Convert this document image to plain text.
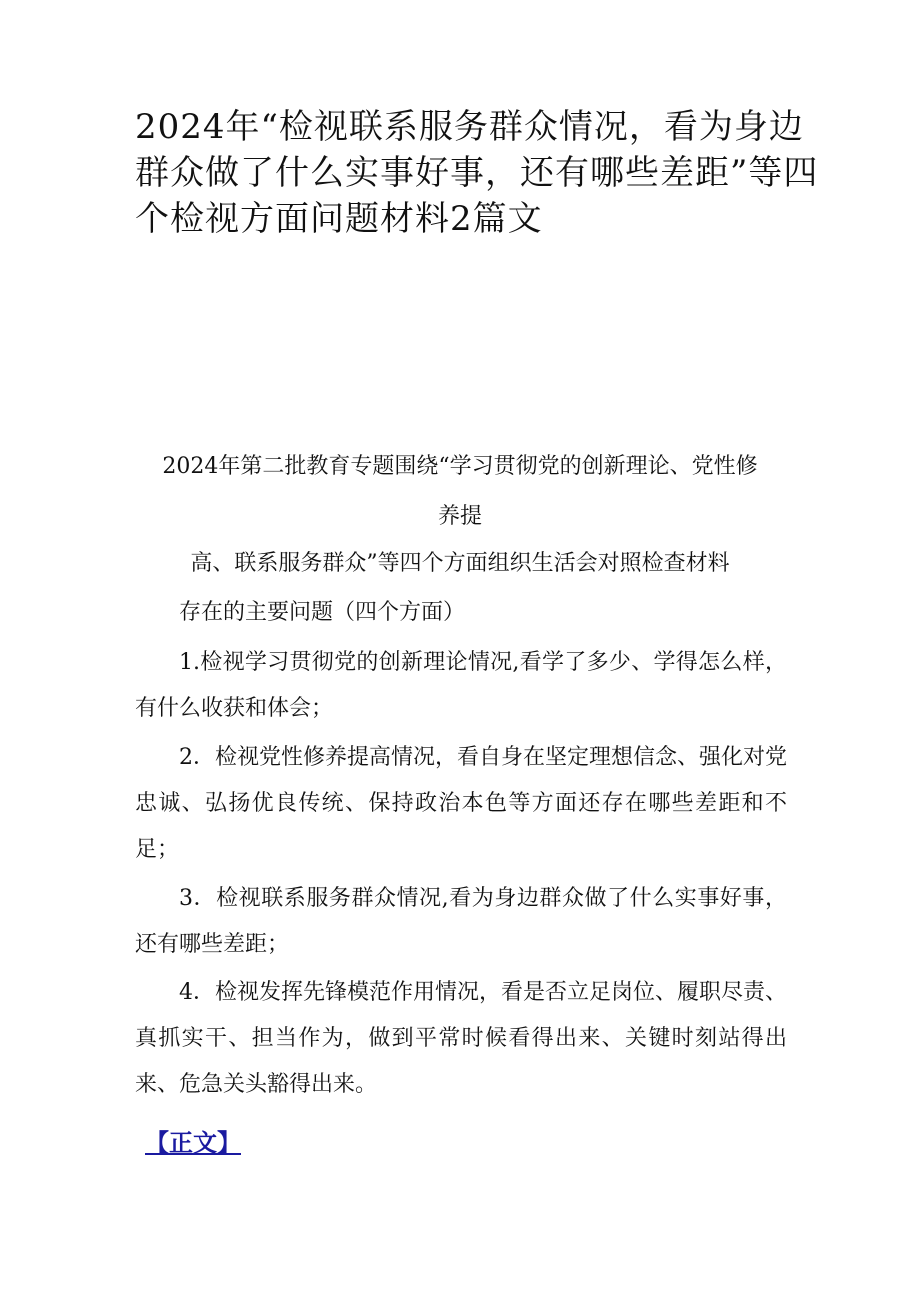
2024年“检视联系服务群众情况，看为身边群众做了什么实事好事，还有哪些差距”等四个检视方面问题材料2篇文

2024年第二批教育专题围绕“学习贯彻党的创新理论、党性修

养提

高、联系服务群众”等四个方面组织生活会对照检查材料

存在的主要问题（四个方面）

1.检视学习贯彻党的创新理论情况,看学了多少、学得怎么样，有什么收获和体会；

2．检视党性修养提高情况，看自身在坚定理想信念、强化对党忠诚、弘扬优良传统、保持政治本色等方面还存在哪些差距和不足；

3．检视联系服务群众情况,看为身边群众做了什么实事好事，还有哪些差距；

4．检视发挥先锋模范作用情况，看是否立足岗位、履职尽责、真抓实干、担当作为，做到平常时候看得出来、关键时刻站得出来、危急关头豁得出来。

【正文】
